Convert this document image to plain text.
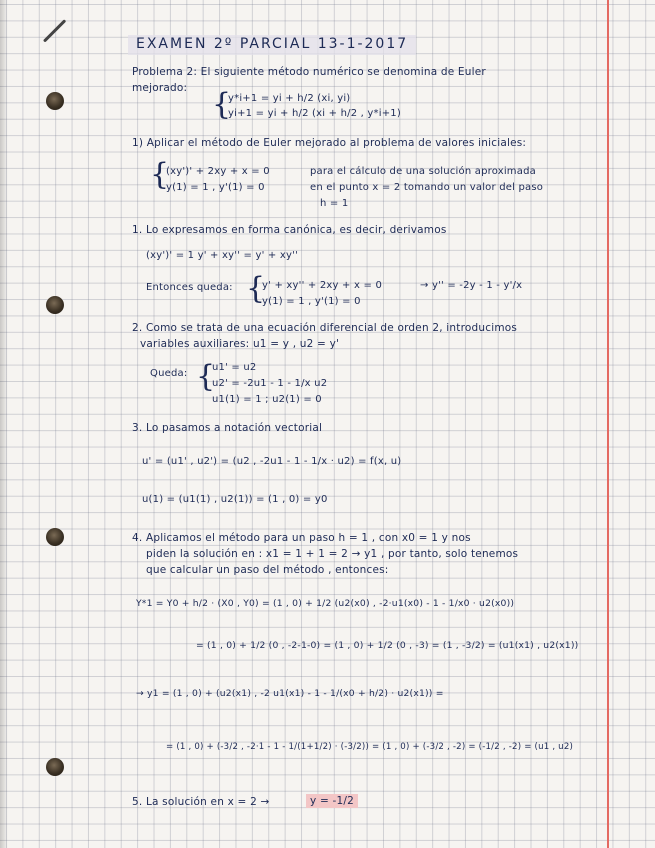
EXAMEN 2º PARCIAL 13-1-2017
Problema 2: El siguiente método numérico se denomina de Euler
mejorado: {
y*i+1 = yi + h/2 (xi, yi)
yi+1 = yi + h/2 (xi + h/2 , y*i+1)
1) Aplicar el método de Euler mejorado al problema de valores iniciales:
{
(xy')' + 2xy + x = 0
y(1) = 1 , y'(1) = 0
para el cálculo de una solución aproximada
en el punto x = 2 tomando un valor del paso
h = 1
1. Lo expresamos en forma canónica, es decir, derivamos
(xy')' = 1 y' + xy'' = y' + xy''
Entonces queda: {
y' + xy'' + 2xy + x = 0
y(1) = 1 , y'(1) = 0
→ y'' = -2y - 1 - y'/x
2. Como se trata de una ecuación diferencial de orden 2, introducimos
variables auxiliares: u1 = y , u2 = y'
Queda: {
u1' = u2
u2' = -2u1 - 1 - 1/x u2
u1(1) = 1 ; u2(1) = 0
3. Lo pasamos a notación vectorial
u' = (u1' , u2') = (u2 , -2u1 - 1 - 1/x · u2) = f(x, u)
u(1) = (u1(1) , u2(1)) = (1 , 0) = y0
4. Aplicamos el método para un paso h = 1 , con x0 = 1 y nos
piden la solución en : x1 = 1 + 1 = 2 → y1 , por tanto, solo tenemos
que calcular un paso del método , entonces:
Y*1 = Y0 + h/2 · (X0 , Y0) = (1 , 0) + 1/2 (u2(x0) , -2·u1(x0) - 1 - 1/x0 · u2(x0))
= (1 , 0) + 1/2 (0 , -2-1-0) = (1 , 0) + 1/2 (0 , -3) = (1 , -3/2) = (u1(x1) , u2(x1))
→ y1 = (1 , 0) + (u2(x1) , -2 u1(x1) - 1 - 1/(x0 + h/2) · u2(x1)) =
= (1 , 0) + (-3/2 , -2·1 - 1 - 1/(1+1/2) · (-3/2)) = (1 , 0) + (-3/2 , -2) = (-1/2 , -2) = (u1 , u2)
5. La solución en x = 2 →	y = -1/2
